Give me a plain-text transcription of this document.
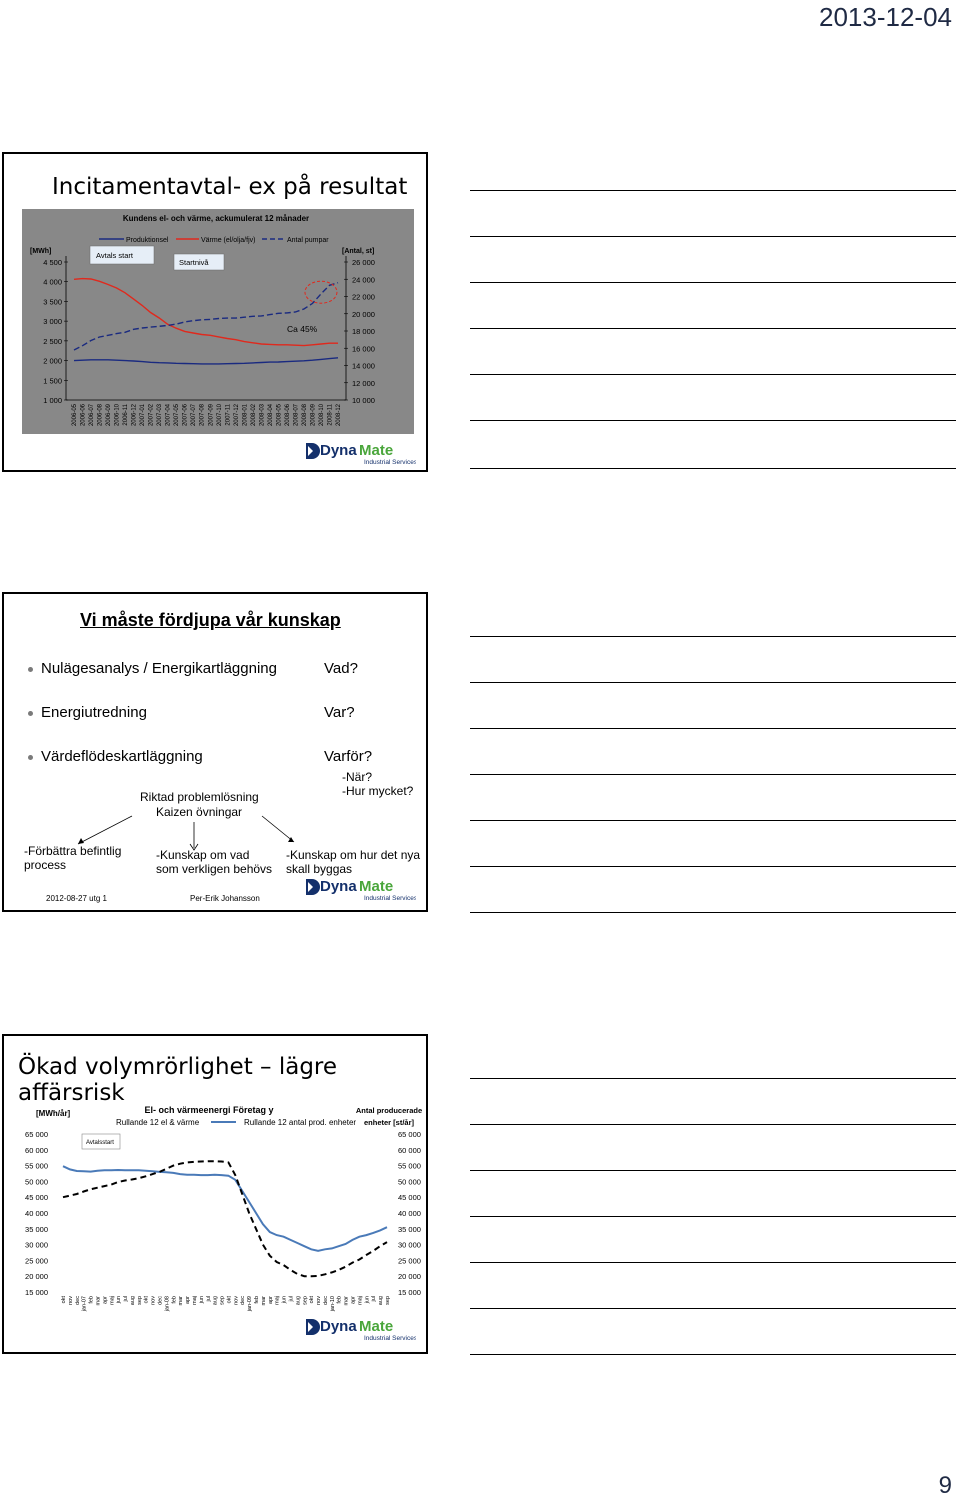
2013-12-04
9
Incitamentavtal- ex på resultat
Kundens el- och värme, ackumulerat 12 månader
[MWh]	[Antal, st]
Produktionsel	Värme (el/olja/fjv)	Antal pumpar
Avtals start
Startnivå
Ca 45%
4 500
4 000
3 500
3 000
2 500
2 000
1 500
1 000
26 000
24 000
22 000
20 000
18 000
16 000
14 000
12 000
10 000
2006-05 2006-06 2006-07 2006-08 2006-09 2006-10 2006-11 2006-12 2007-01 2007-02 2007-03 2007-04 2007-05 2007-06 2007-07 2007-08 2007-09 2007-10 2007-11 2007-12 2008-01 2008-02 2008-03 2008-04 2008-05 2008-06 2008-07 2008-08 2008-09 2008-10 2008-11 2008-12
Dyna Mate
Industrial Services
Vi måste fördjupa vår kunskap
Nulägesanalys / Energikartläggning	Vad?
Energiutredning	Var?
Värdeflödeskartläggning	Varför?
-När?
-Hur mycket?
Riktad problemlösning
Kaizen övningar
-Förbättra befintlig
process
-Kunskap om vad
som verkligen behövs
-Kunskap om hur det nya
skall byggas
2012-08-27 utg 1	Per-Erik Johansson
Dyna Mate
Industrial Services
Ökad volymrörlighet – lägre affärsrisk
[MWh/år]	El- och värmeenergi Företag y	Antal producerade
enheter [st/år]
Rullande 12 el & värme	Rullande 12 antal prod. enheter
Avtalsstart
65 000
60 000
55 000
50 000
45 000
40 000
35 000
30 000
25 000
20 000
15 000
65 000
60 000
55 000
50 000
45 000
40 000
35 000
30 000
25 000
20 000
15 000
okt nov dec jan-07 feb mar apr maj jun jul aug sep okt nov dec jan-08 feb mar apr maj jun jul aug sep okt nov dec jan-09 feb mar apr maj jun jul aug sep okt nov dec jan-10 feb mar apr maj jun jul aug sep
Dyna Mate
Industrial Services
